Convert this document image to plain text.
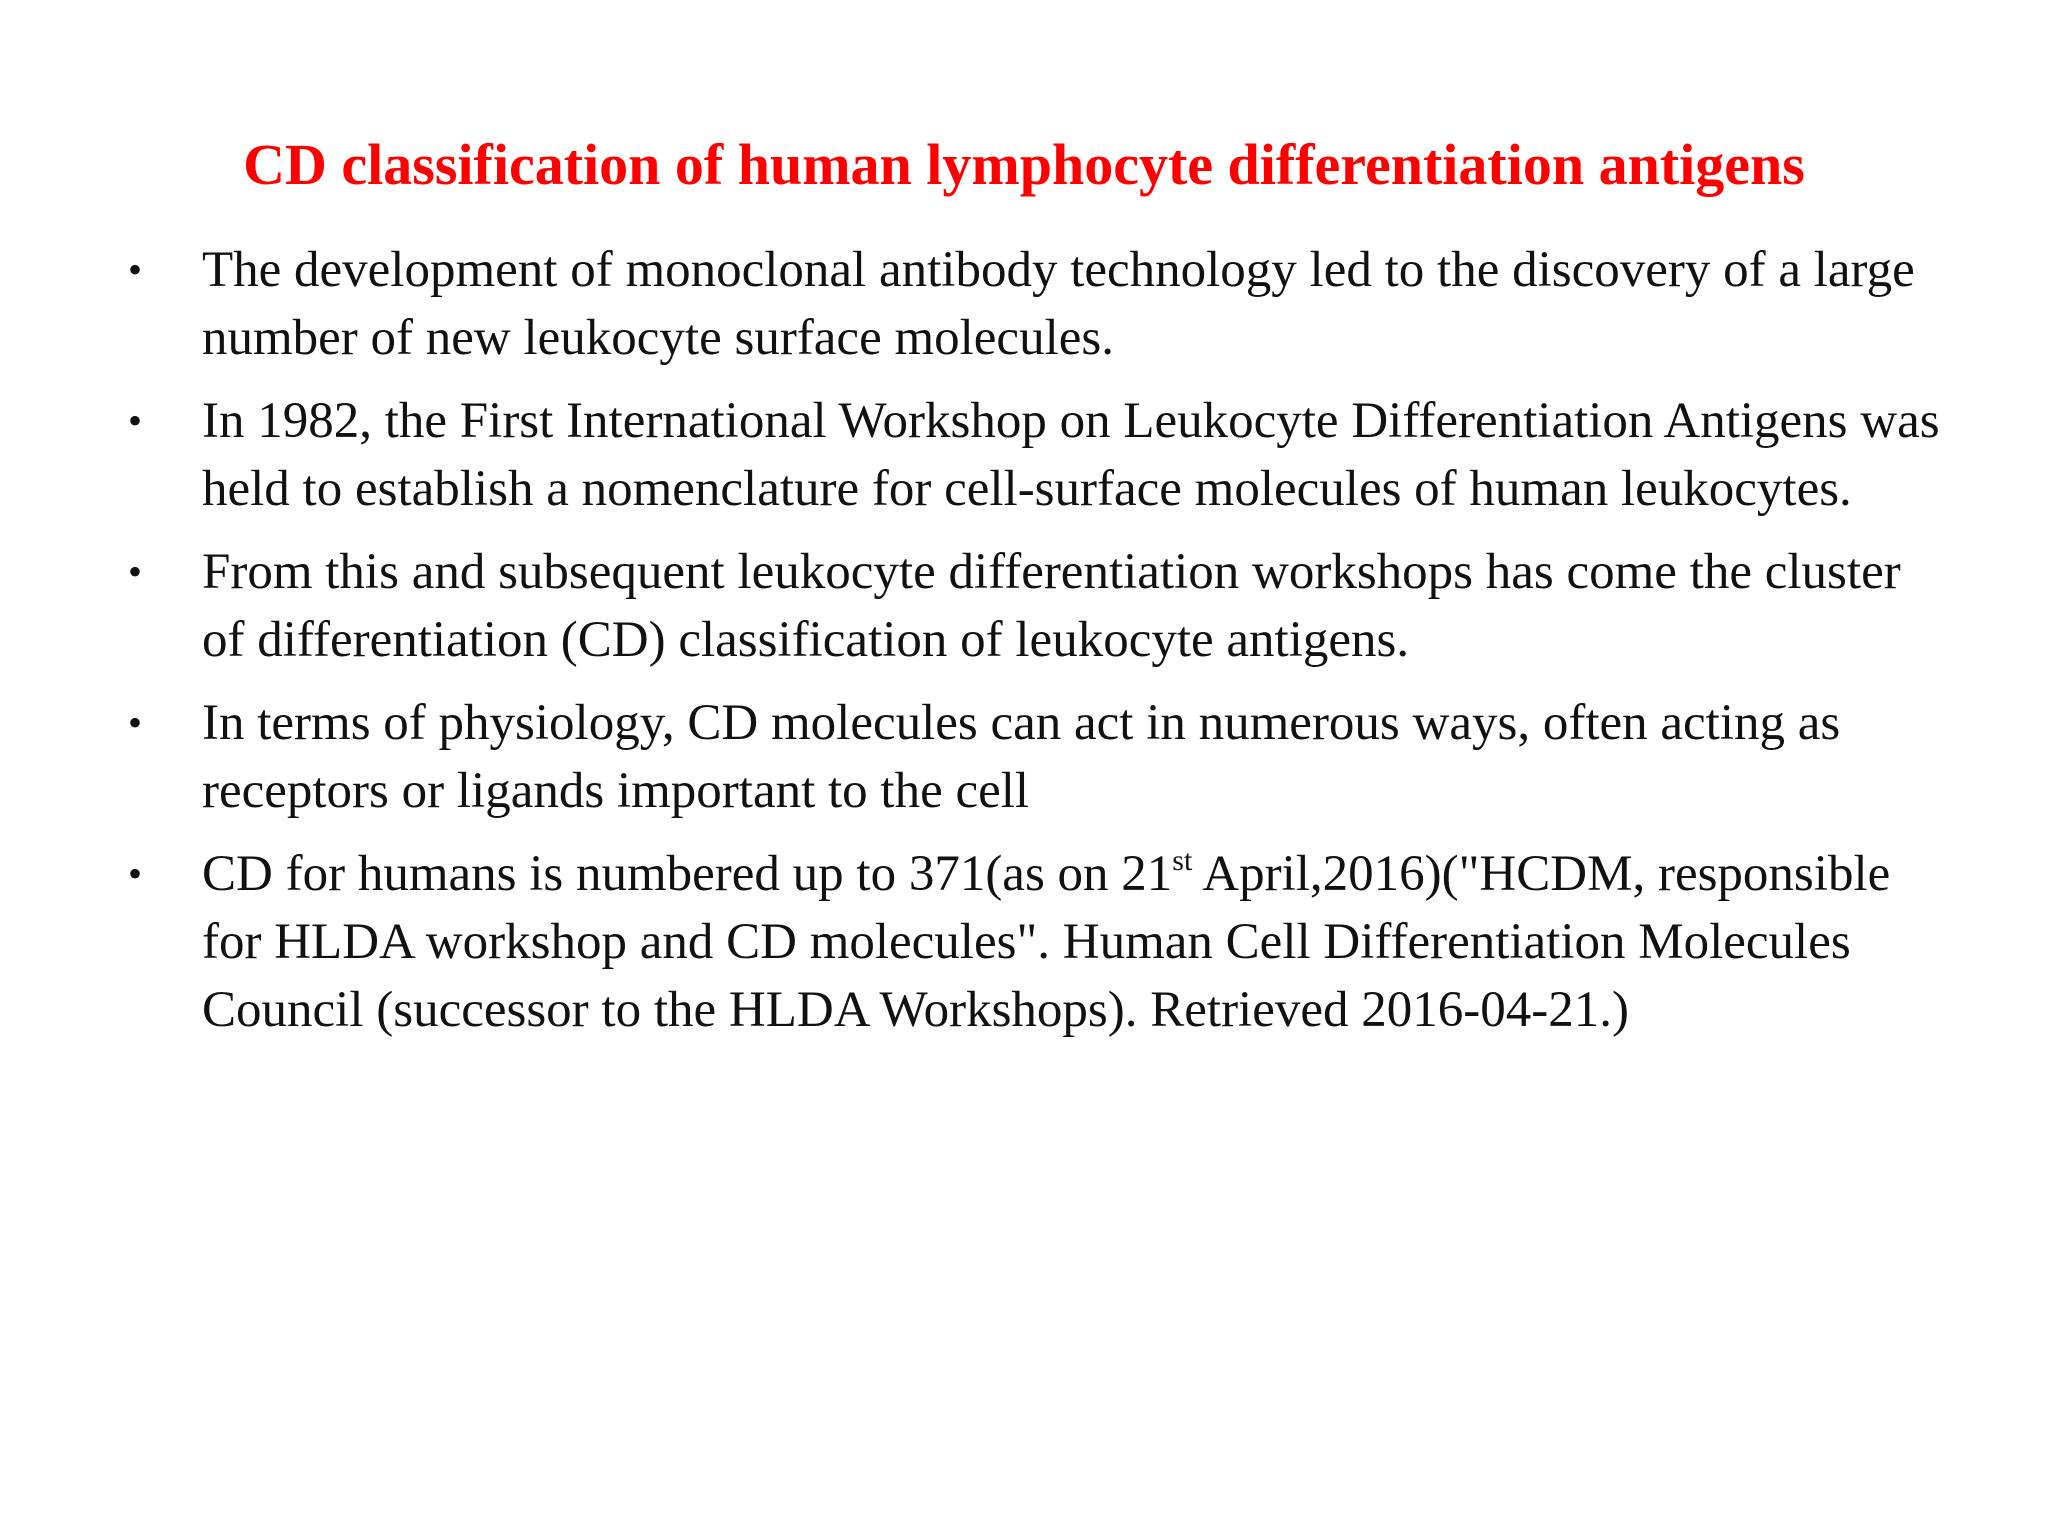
CD classification of human lymphocyte differentiation antigens
• The development of monoclonal antibody technology led to the discovery of a large number of new leukocyte surface molecules.
• In 1982, the First International Workshop on Leukocyte Differentiation Antigens was held to establish a nomenclature for cell-surface molecules of human leukocytes.
• From this and subsequent leukocyte differentiation workshops has come the cluster of differentiation (CD) classification of leukocyte antigens.
• In terms of physiology, CD molecules can act in numerous ways, often acting as receptors or ligands important to the cell
• CD for humans is numbered up to 371(as on 21st April,2016)("HCDM, responsible for HLDA workshop and CD molecules". Human Cell Differentiation Molecules Council (successor to the HLDA Workshops). Retrieved 2016-04-21.)
